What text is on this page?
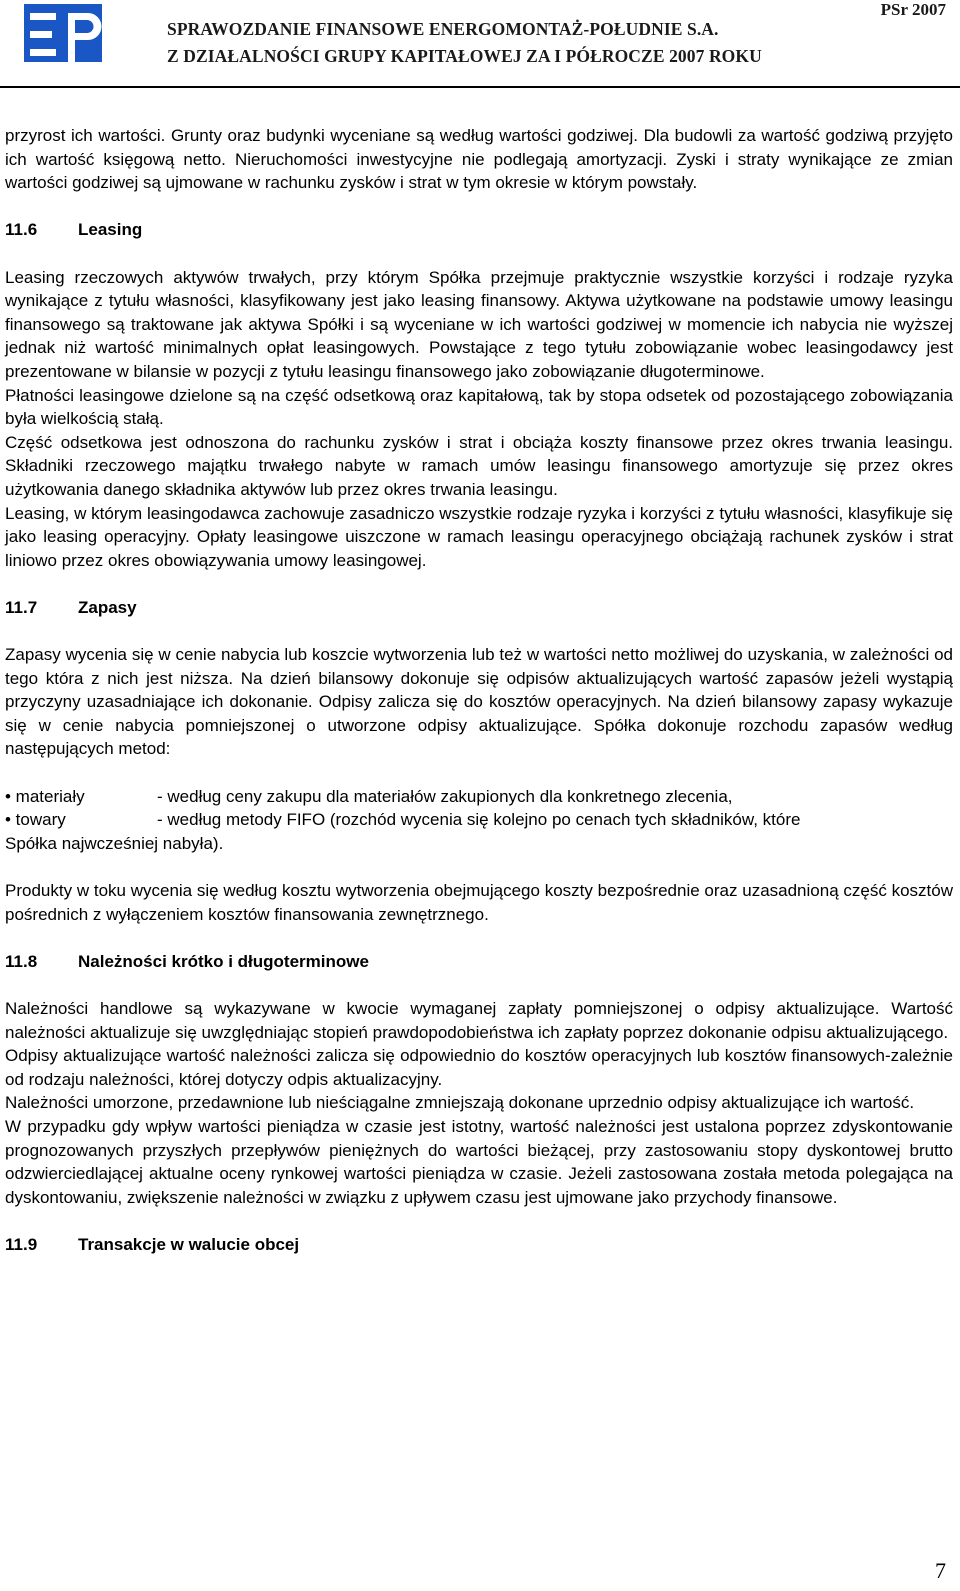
SPRAWOZDANIE FINANSOWE ENERGOMONTAŻ-POŁUDNIE S.A.
Z DZIAŁALNOŚCI GRUPY KAPITAŁOWEJ ZA I PÓŁROCZE 2007 ROKU
PSr 2007

przyrost ich wartości. Grunty oraz budynki wyceniane są według wartości godziwej. Dla budowli za wartość godziwą przyjęto ich wartość księgową netto. Nieruchomości inwestycyjne nie podlegają amortyzacji. Zyski i straty wynikające ze zmian wartości godziwej są ujmowane w rachunku zysków i strat w tym okresie w którym powstały.

11.6 Leasing

Leasing rzeczowych aktywów trwałych, przy którym Spółka przejmuje praktycznie wszystkie korzyści i rodzaje ryzyka wynikające z tytułu własności, klasyfikowany jest jako leasing finansowy. Aktywa użytkowane na podstawie umowy leasingu finansowego są traktowane jak aktywa Spółki i są wyceniane w ich wartości godziwej w momencie ich nabycia nie wyższej jednak niż wartość minimalnych opłat leasingowych. Powstające z tego tytułu zobowiązanie wobec leasingodawcy jest prezentowane w bilansie w pozycji z tytułu leasingu finansowego jako zobowiązanie długoterminowe.

Płatności leasingowe dzielone są na część odsetkową oraz kapitałową, tak by stopa odsetek od pozostającego zobowiązania była wielkością stałą.

Część odsetkowa jest odnoszona do rachunku zysków i strat i obciąża koszty finansowe przez okres trwania leasingu. Składniki rzeczowego majątku trwałego nabyte w ramach umów leasingu finansowego amortyzuje się przez okres użytkowania danego składnika aktywów lub przez okres trwania leasingu.

Leasing, w którym leasingodawca zachowuje zasadniczo wszystkie rodzaje ryzyka i korzyści z tytułu własności, klasyfikuje się jako leasing operacyjny. Opłaty leasingowe uiszczone w ramach leasingu operacyjnego obciążają rachunek zysków i strat liniowo przez okres obowiązywania umowy leasingowej.

11.7 Zapasy

Zapasy wycenia się w cenie nabycia lub koszcie wytworzenia lub też w wartości netto możliwej do uzyskania, w zależności od tego która z nich jest niższa. Na dzień bilansowy dokonuje się odpisów aktualizujących wartość zapasów jeżeli wystąpią przyczyny uzasadniające ich dokonanie. Odpisy zalicza się do kosztów operacyjnych. Na dzień bilansowy zapasy wykazuje się w cenie nabycia pomniejszonej o utworzone odpisy aktualizujące. Spółka dokonuje rozchodu zapasów według następujących metod:

• materiały	- według ceny zakupu dla materiałów zakupionych dla konkretnego zlecenia,
• towary	- według metody FIFO (rozchód wycenia się kolejno po cenach tych składników, które

Spółka najwcześniej nabyła).

Produkty w toku wycenia się według kosztu wytworzenia obejmującego koszty bezpośrednie oraz uzasadnioną część kosztów pośrednich z wyłączeniem kosztów finansowania zewnętrznego.

11.8 Należności krótko i długoterminowe

Należności handlowe są wykazywane w kwocie wymaganej zapłaty pomniejszonej o odpisy aktualizujące. Wartość należności aktualizuje się uwzględniając stopień prawdopodobieństwa ich zapłaty poprzez dokonanie odpisu aktualizującego.

Odpisy aktualizujące wartość należności zalicza się odpowiednio do kosztów operacyjnych lub kosztów finansowych-zależnie od rodzaju należności, której dotyczy odpis aktualizacyjny.

Należności umorzone, przedawnione lub nieściągalne zmniejszają dokonane uprzednio odpisy aktualizujące ich wartość.

W przypadku gdy wpływ wartości pieniądza w czasie jest istotny, wartość należności jest ustalona poprzez zdyskontowanie prognozowanych przyszłych przepływów pieniężnych do wartości bieżącej, przy zastosowaniu stopy dyskontowej brutto odzwierciedlającej aktualne oceny rynkowej wartości pieniądza w czasie. Jeżeli zastosowana została metoda polegająca na dyskontowaniu, zwiększenie należności w związku z upływem czasu jest ujmowane jako przychody finansowe.

11.9 Transakcje w walucie obcej
7
